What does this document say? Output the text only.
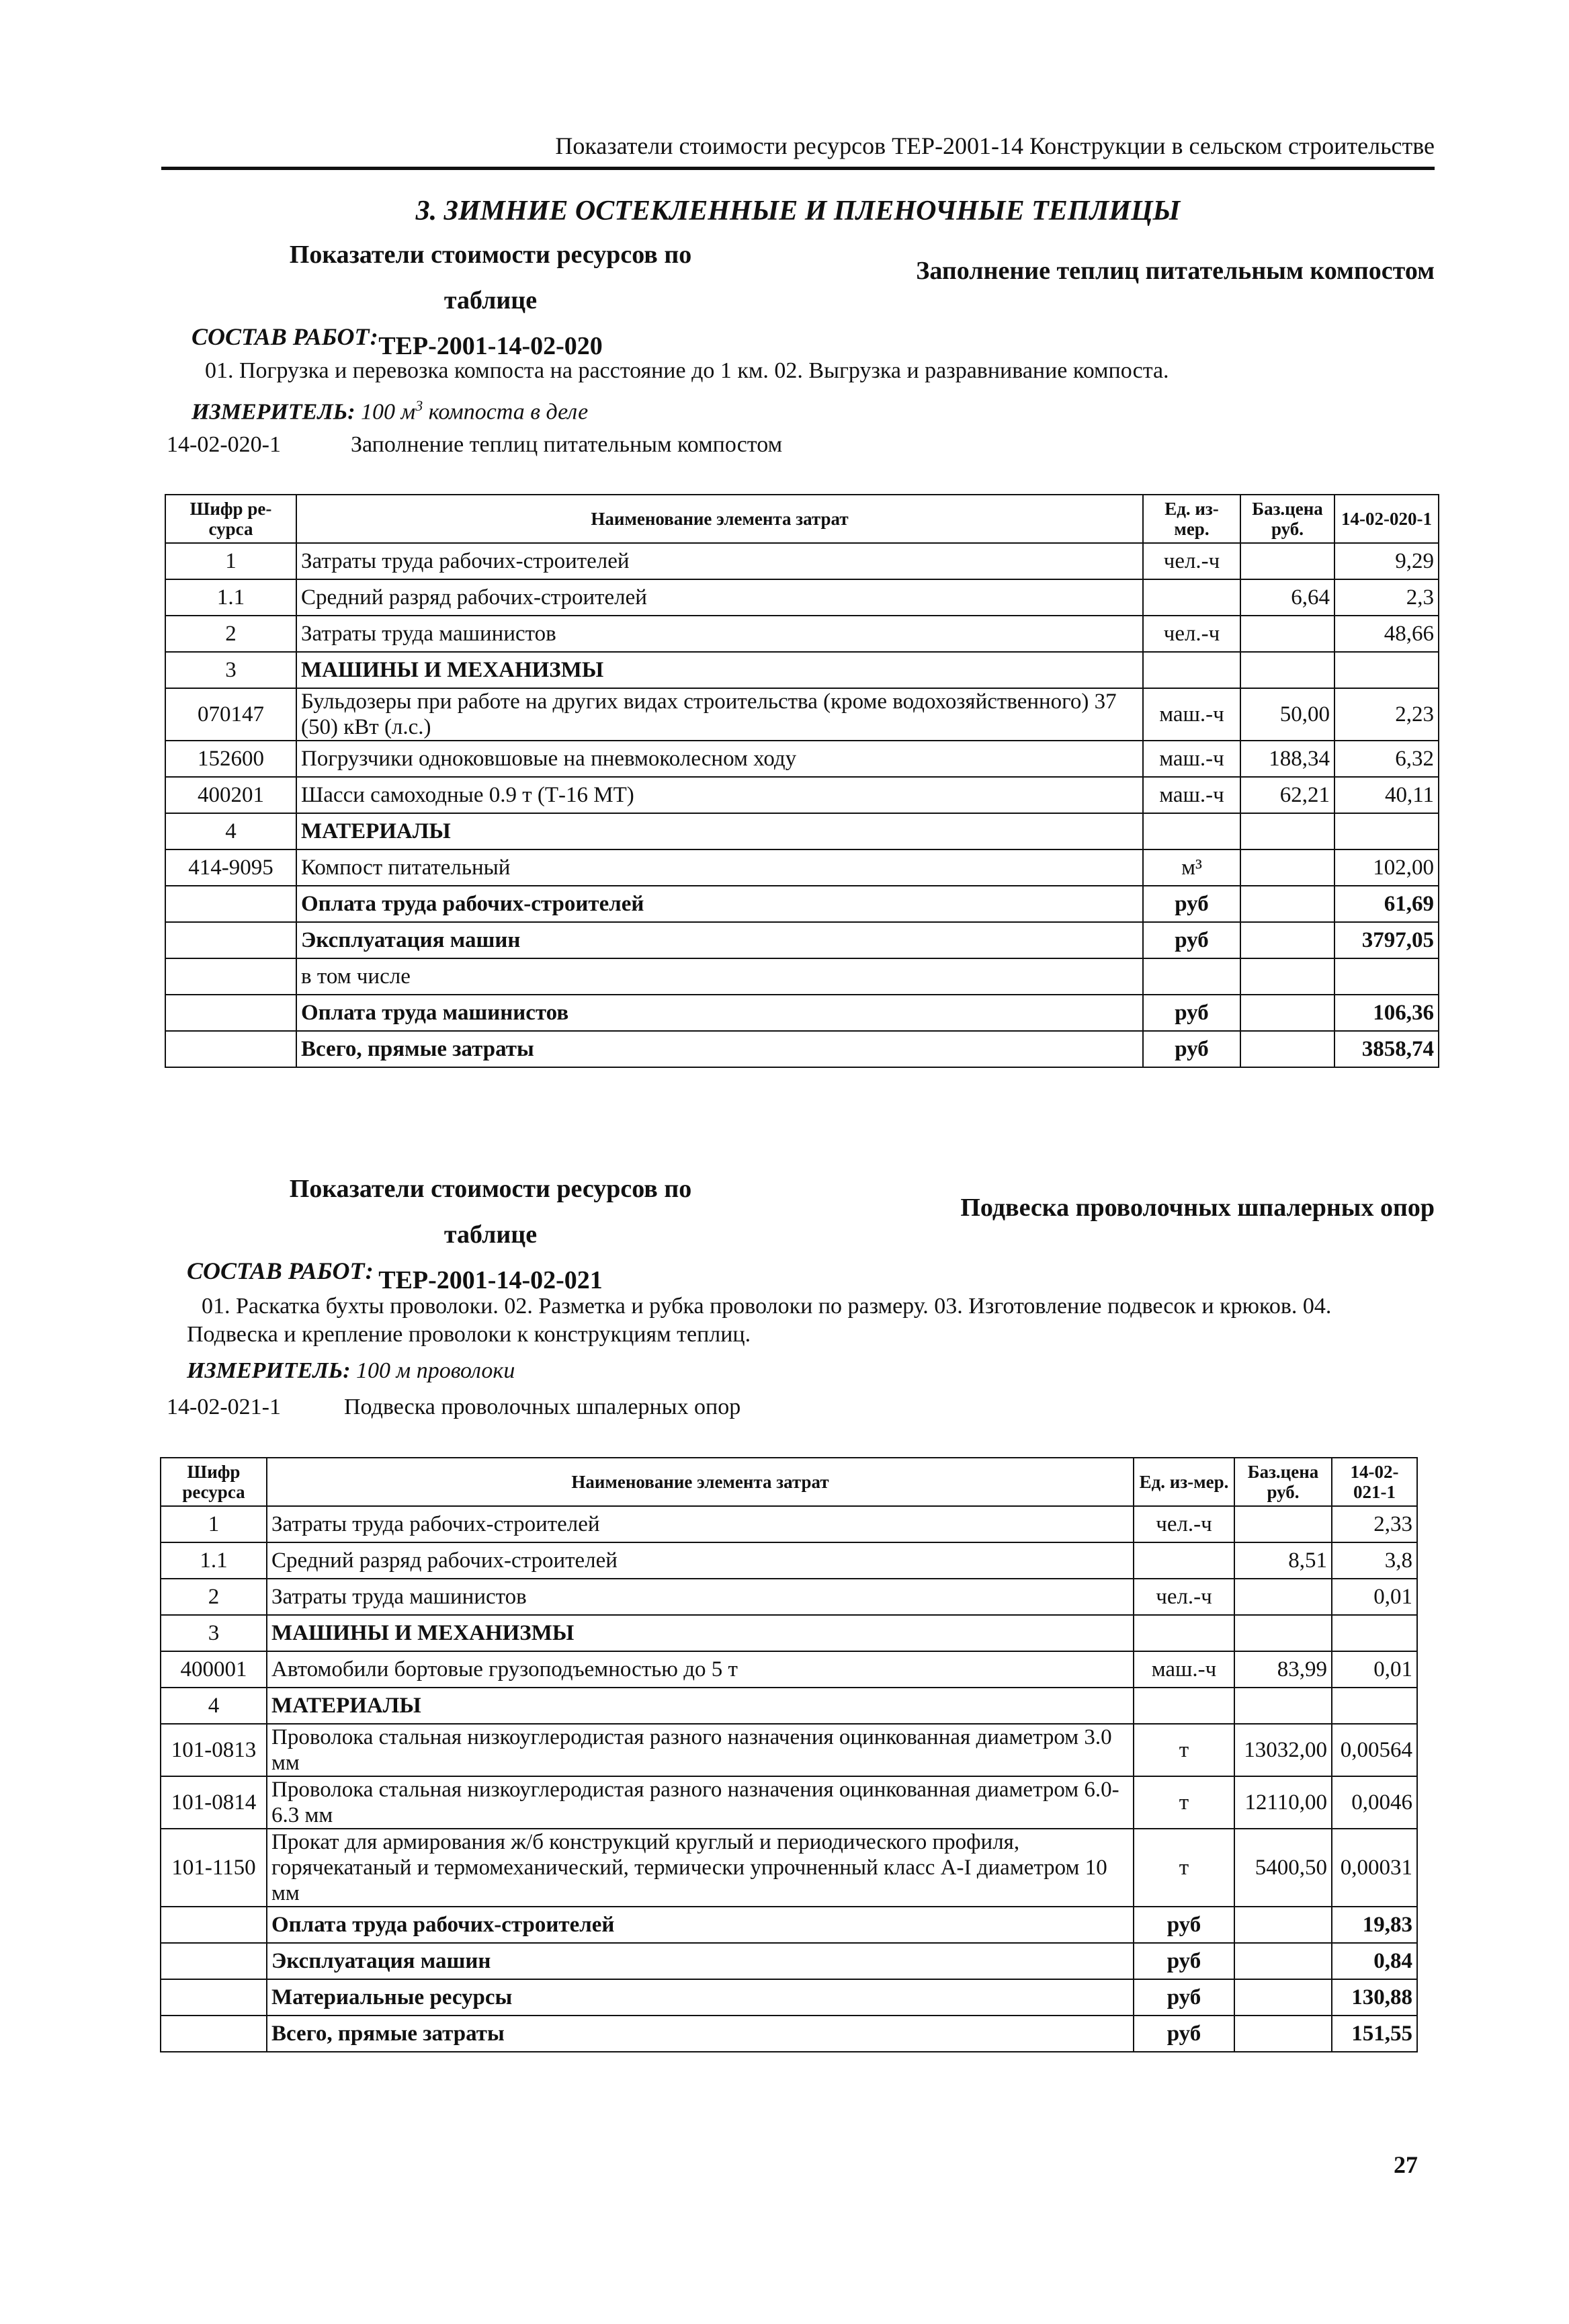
Показатели стоимости ресурсов ТЕР-2001-14 Конструкции в сельском строительстве
3. ЗИМНИЕ ОСТЕКЛЕННЫЕ И ПЛЕНОЧНЫЕ ТЕПЛИЦЫ
Показатели стоимости ресурсов по таблице
ТЕР-2001-14-02-020
Заполнение теплиц питательным компостом
СОСТАВ РАБОТ:
01. Погрузка и перевозка компоста на расстояние до 1 км. 02. Выгрузка и разравнивание компоста.
ИЗМЕРИТЕЛЬ: 100 $м^3$ компоста в деле
14-02-020-1	Заполнение теплиц питательным компостом
Шифр ре-сурса	Наименование элемента затрат	Ед. из-мер.	Баз.цена руб.	14-02-020-1
1	Затраты труда рабочих-строителей	чел.-ч		9,29
1.1	Средний разряд рабочих-строителей		6,64	2,3
2	Затраты труда машинистов	чел.-ч		48,66
3	МАШИНЫ И МЕХАНИЗМЫ			
070147	Бульдозеры при работе на других видах строительства (кроме водохозяйственного) 37 (50) кВт (л.с.)	маш.-ч	50,00	2,23
152600	Погрузчики одноковшовые на пневмоколесном ходу	маш.-ч	188,34	6,32
400201	Шасси самоходные 0.9 т (Т-16 МТ)	маш.-ч	62,21	40,11
4	МАТЕРИАЛЫ			
414-9095	Компост питательный	м³		102,00
	Оплата труда рабочих-строителей	руб		61,69
	Эксплуатация машин	руб		3797,05
	в том числе			
	Оплата труда машинистов	руб		106,36
	Всего, прямые затраты	руб		3858,74
Показатели стоимости ресурсов по таблице
ТЕР-2001-14-02-021
Подвеска проволочных шпалерных опор
СОСТАВ РАБОТ:
01. Раскатка бухты проволоки. 02. Разметка и рубка проволоки по размеру. 03. Изготовление подвесок и крюков. 04.
Подвеска и крепление проволоки к конструкциям теплиц.
ИЗМЕРИТЕЛЬ: 100 м проволоки
14-02-021-1	Подвеска проволочных шпалерных опор
Шифр ресурса	Наименование элемента затрат	Ед. из-мер.	Баз.цена руб.	14-02-021-1
1	Затраты труда рабочих-строителей	чел.-ч		2,33
1.1	Средний разряд рабочих-строителей		8,51	3,8
2	Затраты труда машинистов	чел.-ч		0,01
3	МАШИНЫ И МЕХАНИЗМЫ			
400001	Автомобили бортовые грузоподъемностью до 5 т	маш.-ч	83,99	0,01
4	МАТЕРИАЛЫ			
101-0813	Проволока стальная низкоуглеродистая разного назначения оцинкованная диаметром 3.0 мм	т	13032,00	0,00564
101-0814	Проволока стальная низкоуглеродистая разного назначения оцинкованная диаметром 6.0-6.3 мм	т	12110,00	0,0046
101-1150	Прокат для армирования ж/б конструкций круглый и периодического профиля, горячекатаный и термомеханический, термически упрочненный класс А-I диаметром 10 мм	т	5400,50	0,00031
	Оплата труда рабочих-строителей	руб		19,83
	Эксплуатация машин	руб		0,84
	Материальные ресурсы	руб		130,88
	Всего, прямые затраты	руб		151,55
27
